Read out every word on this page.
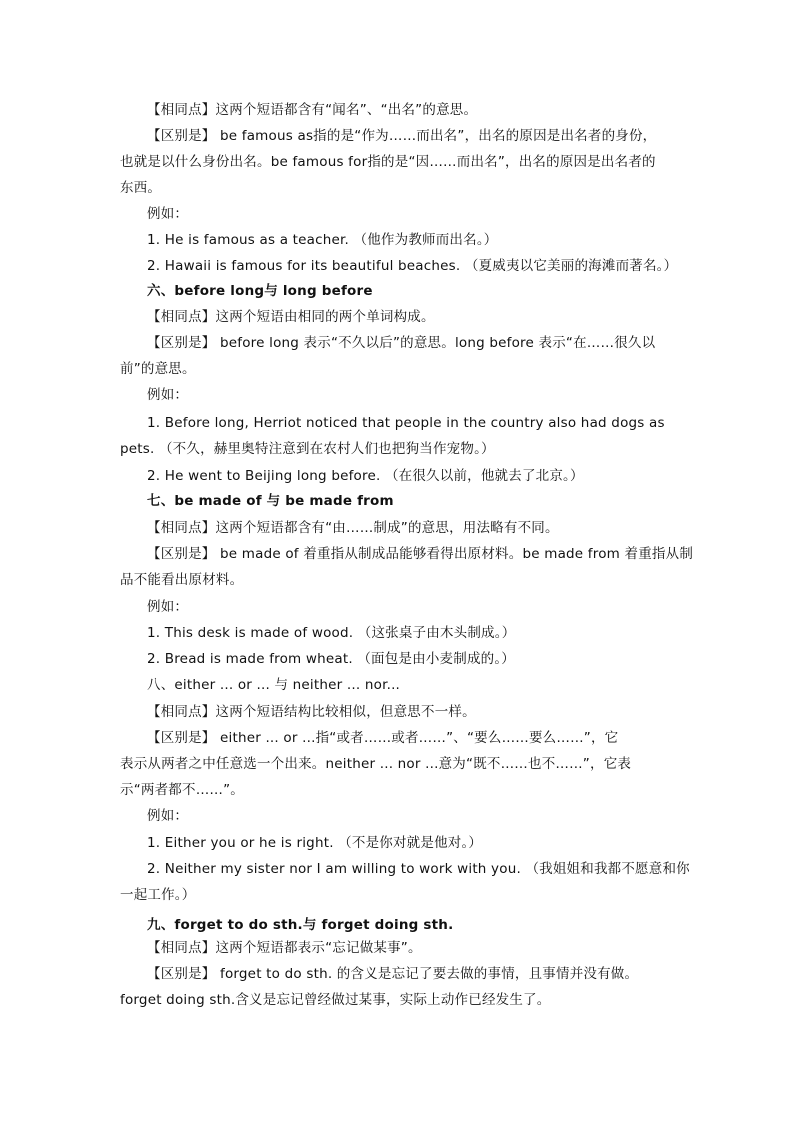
【相同点】这两个短语都含有“闻名”、“出名”的意思。
【区别是】 be famous as指的是“作为……而出名”，出名的原因是出名者的身份，
也就是以什么身份出名。be famous for指的是“因……而出名”，出名的原因是出名者的
东西。
例如：
1. He is famous as a teacher. （他作为教师而出名。）
2. Hawaii is famous for its beautiful beaches. （夏威夷以它美丽的海滩而著名。）
六、before long与 long before
【相同点】这两个短语由相同的两个单词构成。
【区别是】 before long 表示“不久以后”的意思。long before 表示“在……很久以
前”的意思。
例如：
1. Before long, Herriot noticed that people in the country also had dogs as
pets. （不久，赫里奥特注意到在农村人们也把狗当作宠物。）
2. He went to Beijing long before. （在很久以前，他就去了北京。）
七、be made of 与 be made from
【相同点】这两个短语都含有“由……制成”的意思，用法略有不同。
【区别是】 be made of 着重指从制成品能够看得出原材料。be made from 着重指从制
品不能看出原材料。
例如：
1. This desk is made of wood. （这张桌子由木头制成。）
2. Bread is made from wheat. （面包是由小麦制成的。）
八、either ... or ... 与 neither ... nor...
【相同点】这两个短语结构比较相似，但意思不一样。
【区别是】 either ... or ...指“或者……或者……”、“要么……要么……”，它
表示从两者之中任意选一个出来。neither ... nor ...意为“既不……也不……”，它表
示“两者都不……”。
例如：
1. Either you or he is right. （不是你对就是他对。）
2. Neither my sister nor I am willing to work with you. （我姐姐和我都不愿意和你
一起工作。）
九、forget to do sth.与 forget doing sth.
【相同点】这两个短语都表示“忘记做某事”。
【区别是】 forget to do sth. 的含义是忘记了要去做的事情，且事情并没有做。
forget doing sth.含义是忘记曾经做过某事，实际上动作已经发生了。
